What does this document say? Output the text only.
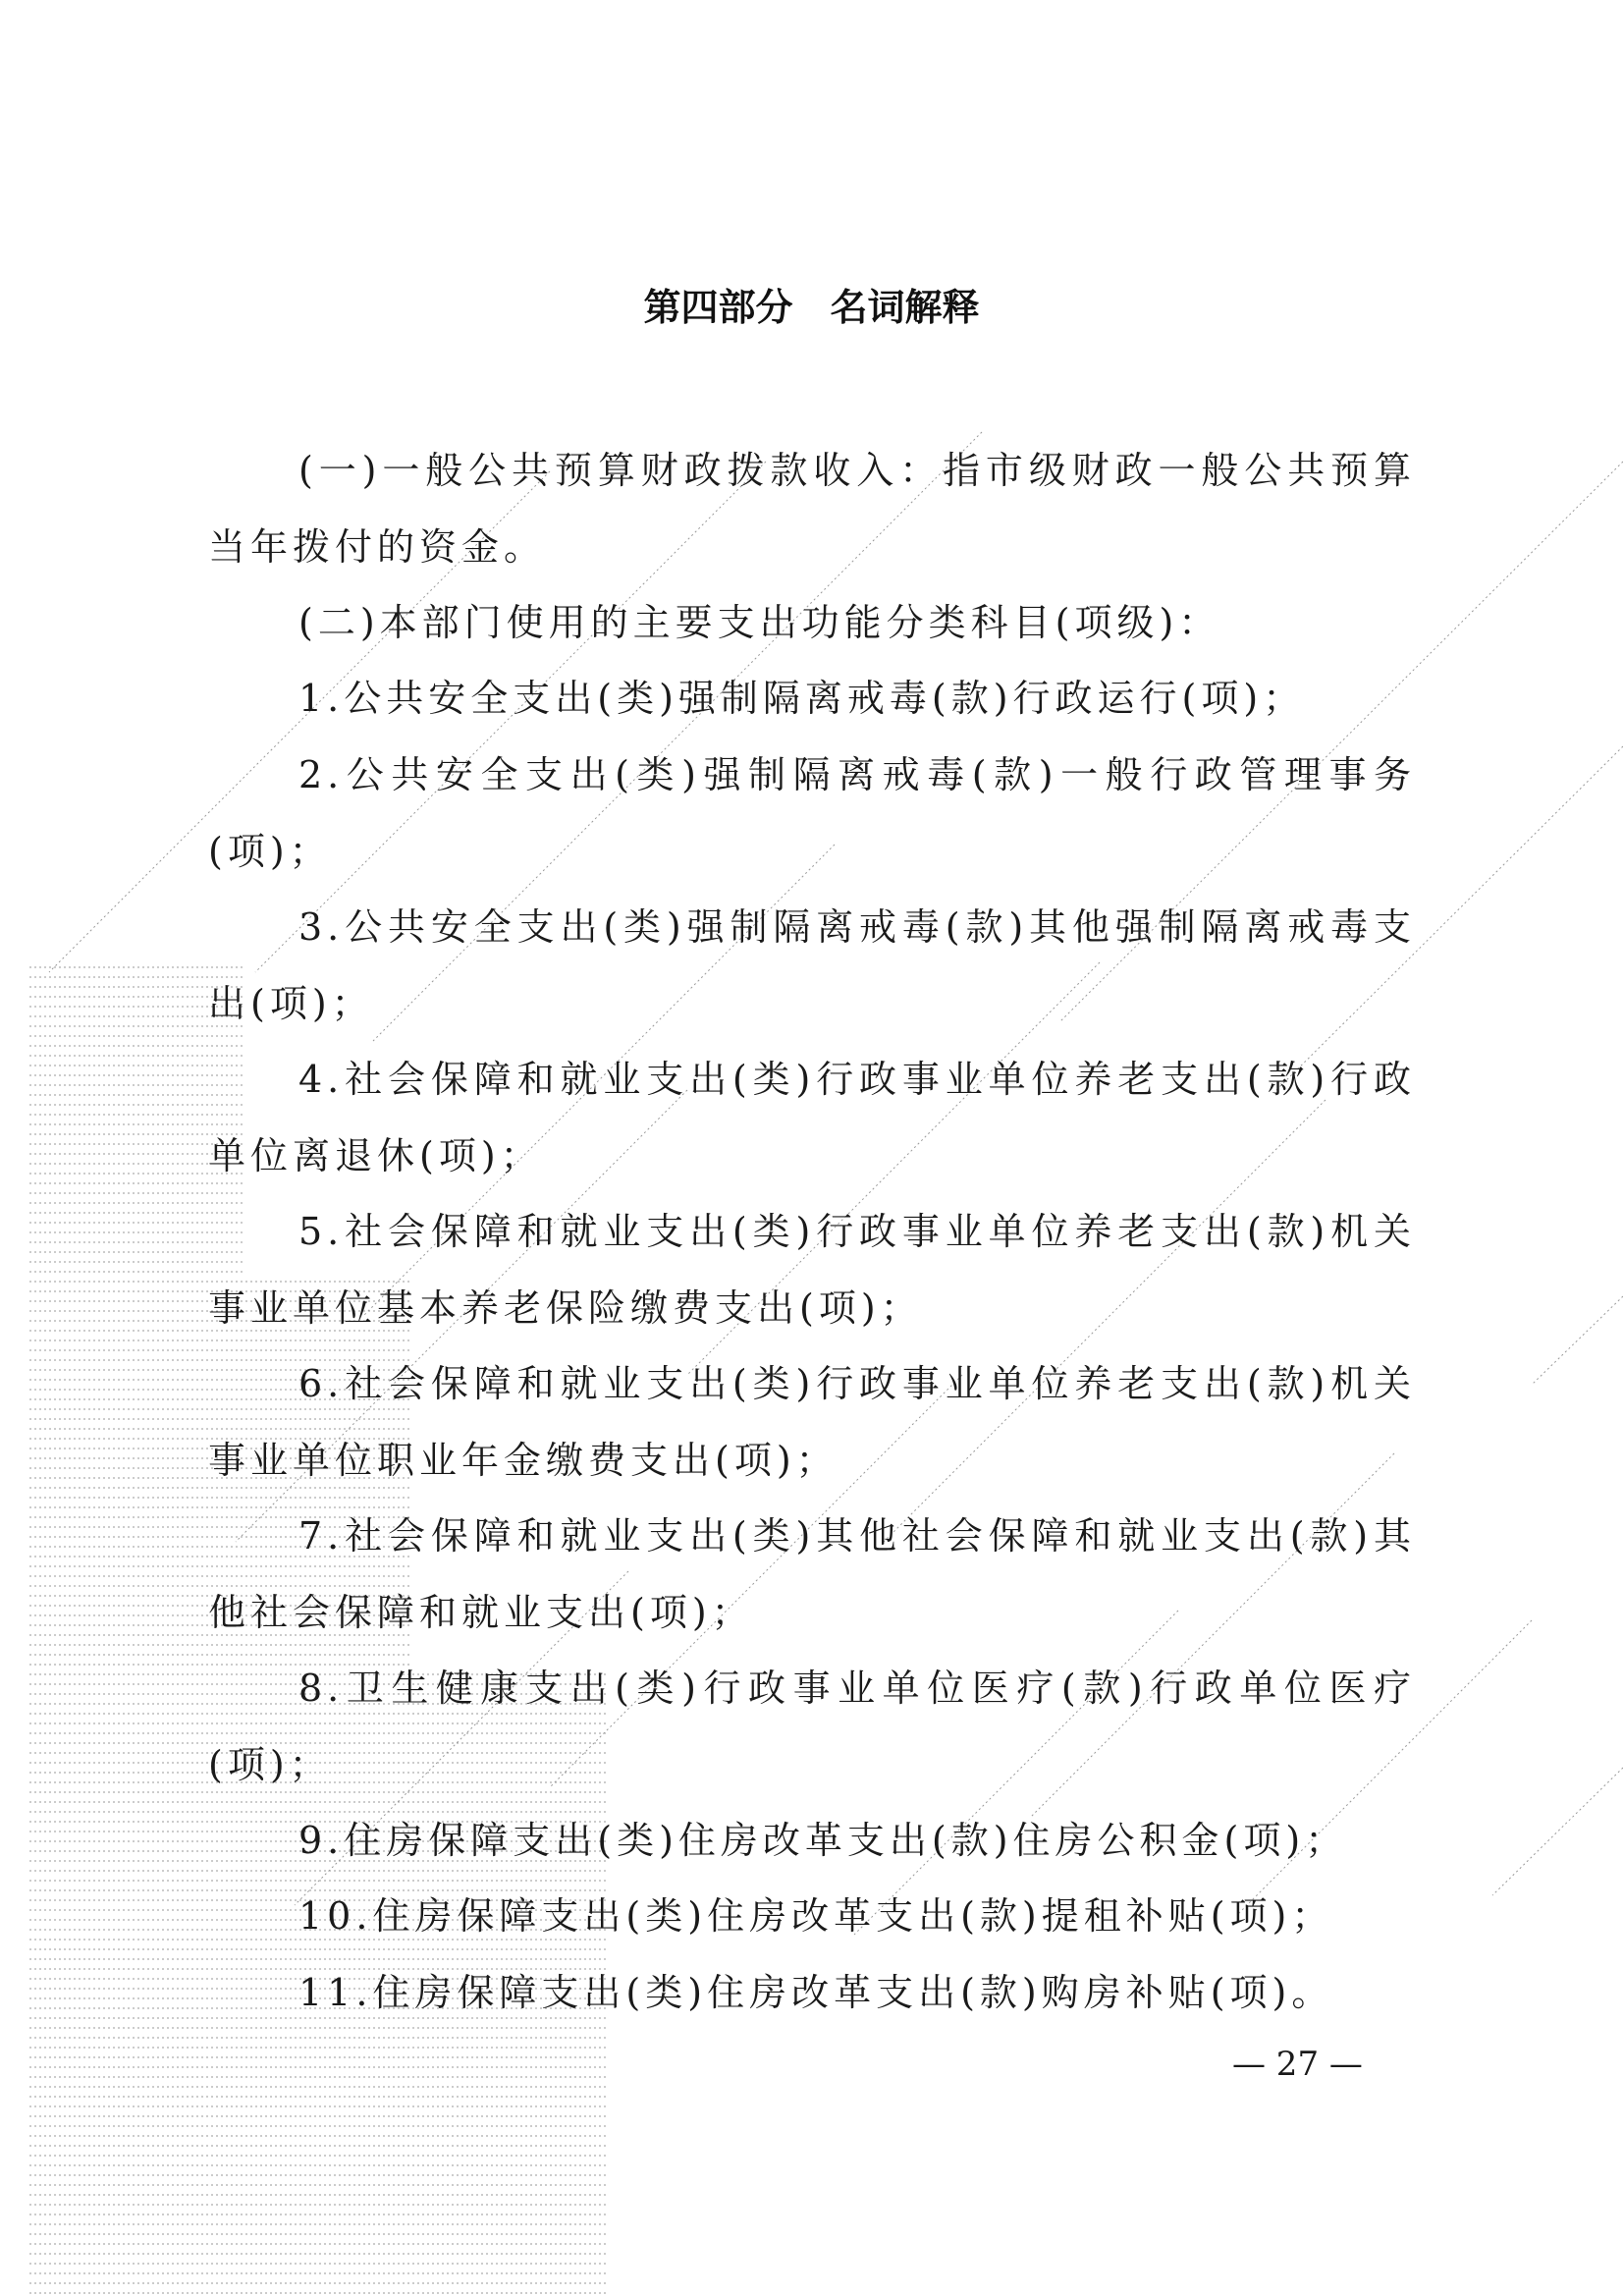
第四部分　名词解释

(一)一般公共预算财政拨款收入：指市级财政一般公共预算当年拨付的资金。

(二)本部门使用的主要支出功能分类科目(项级)：

1.公共安全支出(类)强制隔离戒毒(款)行政运行(项)；

2.公共安全支出(类)强制隔离戒毒(款)一般行政管理事务(项)；

3.公共安全支出(类)强制隔离戒毒(款)其他强制隔离戒毒支出(项)；

4.社会保障和就业支出(类)行政事业单位养老支出(款)行政单位离退休(项)；

5.社会保障和就业支出(类)行政事业单位养老支出(款)机关事业单位基本养老保险缴费支出(项)；

6.社会保障和就业支出(类)行政事业单位养老支出(款)机关事业单位职业年金缴费支出(项)；

7.社会保障和就业支出(类)其他社会保障和就业支出(款)其他社会保障和就业支出(项)；

8.卫生健康支出(类)行政事业单位医疗(款)行政单位医疗(项)；

9.住房保障支出(类)住房改革支出(款)住房公积金(项)；

10.住房保障支出(类)住房改革支出(款)提租补贴(项)；

11.住房保障支出(类)住房改革支出(款)购房补贴(项)。

— 27 —
